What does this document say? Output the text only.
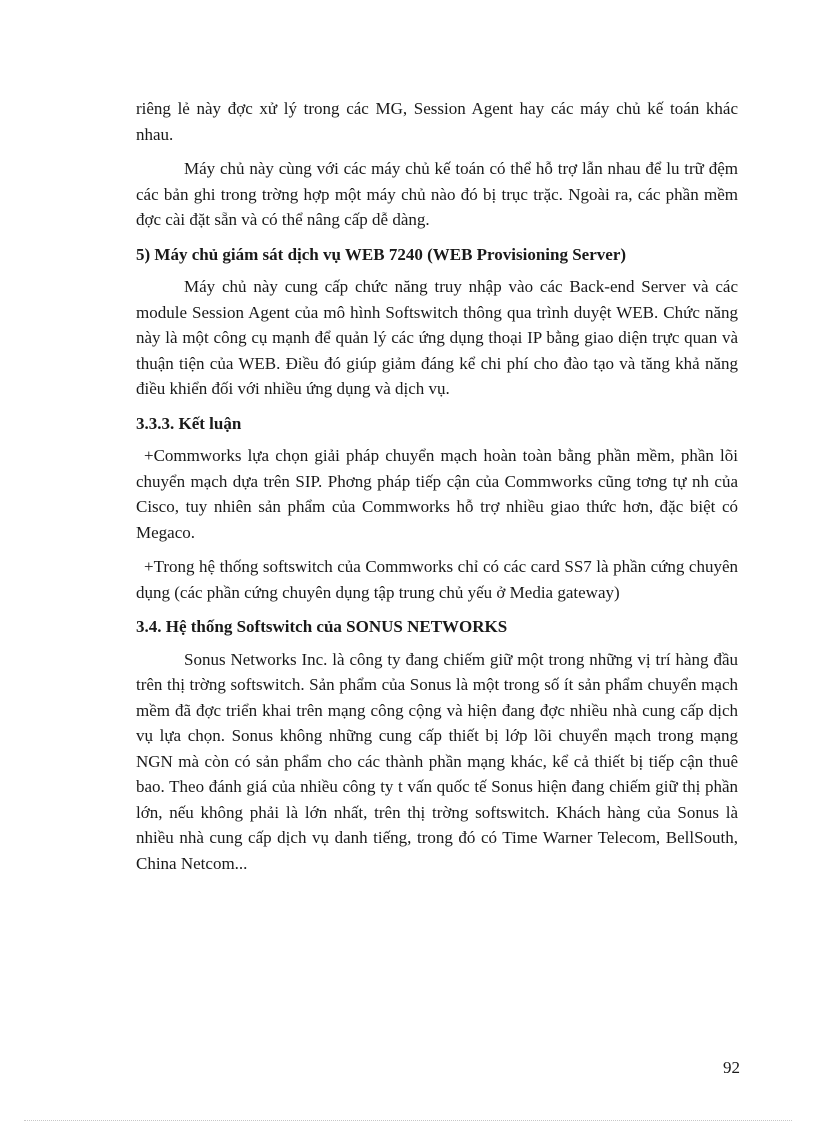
riêng lẻ này đợc xử lý trong các MG, Session Agent hay các máy chủ kế toán khác nhau.

Máy chủ này cùng với các máy chủ kế toán có thể hỗ trợ lẫn nhau để lu trữ đệm các bản ghi trong trờng hợp một máy chủ nào đó bị trục trặc. Ngoài ra, các phần mềm đợc cài đặt sẵn và có thể nâng cấp dễ dàng.

5) Máy chủ giám sát dịch vụ WEB 7240 (WEB Provisioning Server)

Máy chủ này cung cấp chức năng truy nhập vào các Back-end Server và các module Session Agent của mô hình Softswitch thông qua trình duyệt WEB. Chức năng này là một công cụ mạnh để quản lý các ứng dụng thoại IP bằng giao diện trực quan và thuận tiện của WEB. Điều đó giúp giảm đáng kể chi phí cho đào tạo và tăng khả năng điều khiển đối với nhiều ứng dụng và dịch vụ.

3.3.3. Kết luận

+Commworks lựa chọn giải pháp chuyển mạch hoàn toàn bằng phần mềm, phần lõi chuyển mạch dựa trên SIP. Phơng pháp tiếp cận của Commworks cũng tơng tự nh của Cisco, tuy nhiên sản phẩm của Commworks hỗ trợ nhiều giao thức hơn, đặc biệt có Megaco.

+Trong hệ thống softswitch của Commworks chỉ có các card SS7 là phần cứng chuyên dụng (các phần cứng chuyên dụng tập trung chủ yếu ở Media gateway)

3.4. Hệ thống Softswitch của SONUS NETWORKS

Sonus Networks Inc. là công ty đang chiếm giữ một trong những vị trí hàng đầu trên thị trờng softswitch. Sản phẩm của Sonus là một trong số ít sản phẩm chuyển mạch mềm đã đợc triển khai trên mạng công cộng và hiện đang đợc nhiều nhà cung cấp dịch vụ lựa chọn. Sonus không những cung cấp thiết bị lớp lõi chuyển mạch trong mạng NGN mà còn có sản phẩm cho các thành phần mạng khác, kể cả thiết bị tiếp cận thuê bao. Theo đánh giá của nhiều công ty t vấn quốc tế Sonus hiện đang chiếm giữ thị phần lớn, nếu không phải là lớn nhất, trên thị trờng softswitch. Khách hàng của Sonus là nhiều nhà cung cấp dịch vụ danh tiếng, trong đó có Time Warner Telecom, BellSouth, China Netcom...

92
